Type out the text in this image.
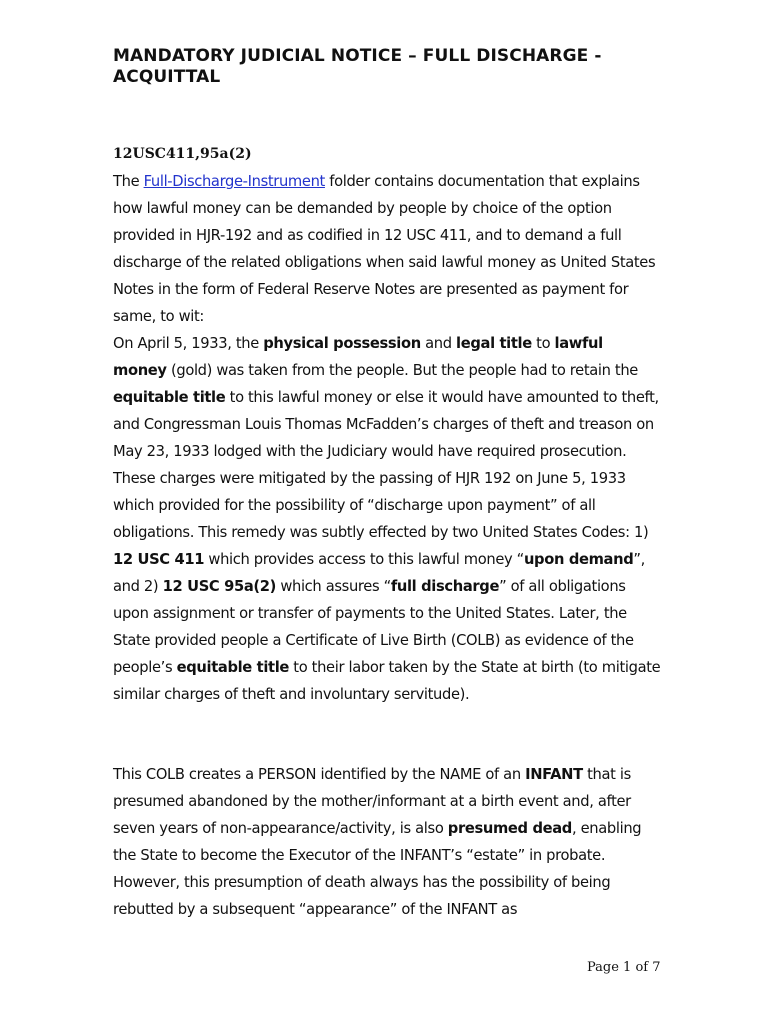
MANDATORY JUDICIAL NOTICE – FULL DISCHARGE - ACQUITTAL
12USC411,95a(2)

The Full-Discharge-Instrument folder contains documentation that explains how lawful money can be demanded by people by choice of the option provided in HJR-192 and as codified in 12 USC 411, and to demand a full discharge of the related obligations when said lawful money as United States Notes in the form of Federal Reserve Notes are presented as payment for same, to wit:
On April 5, 1933, the physical possession and legal title to lawful money (gold) was taken from the people. But the people had to retain the equitable title to this lawful money or else it would have amounted to theft, and Congressman Louis Thomas McFadden’s charges of theft and treason on May 23, 1933 lodged with the Judiciary would have required prosecution. These charges were mitigated by the passing of HJR 192 on June 5, 1933 which provided for the possibility of “discharge upon payment” of all obligations. This remedy was subtly effected by two United States Codes: 1) 12 USC 411 which provides access to this lawful money “upon demand”, and 2) 12 USC 95a(2) which assures “full discharge” of all obligations upon assignment or transfer of payments to the United States. Later, the State provided people a Certificate of Live Birth (COLB) as evidence of the people’s equitable title to their labor taken by the State at birth (to mitigate similar charges of theft and involuntary servitude).

This COLB creates a PERSON identified by the NAME of an INFANT that is presumed abandoned by the mother/informant at a birth event and, after seven years of non-appearance/activity, is also presumed dead, enabling the State to become the Executor of the INFANT’s “estate” in probate. However, this presumption of death always has the possibility of being rebutted by a subsequent “appearance” of the INFANT as

Page 1 of 7
